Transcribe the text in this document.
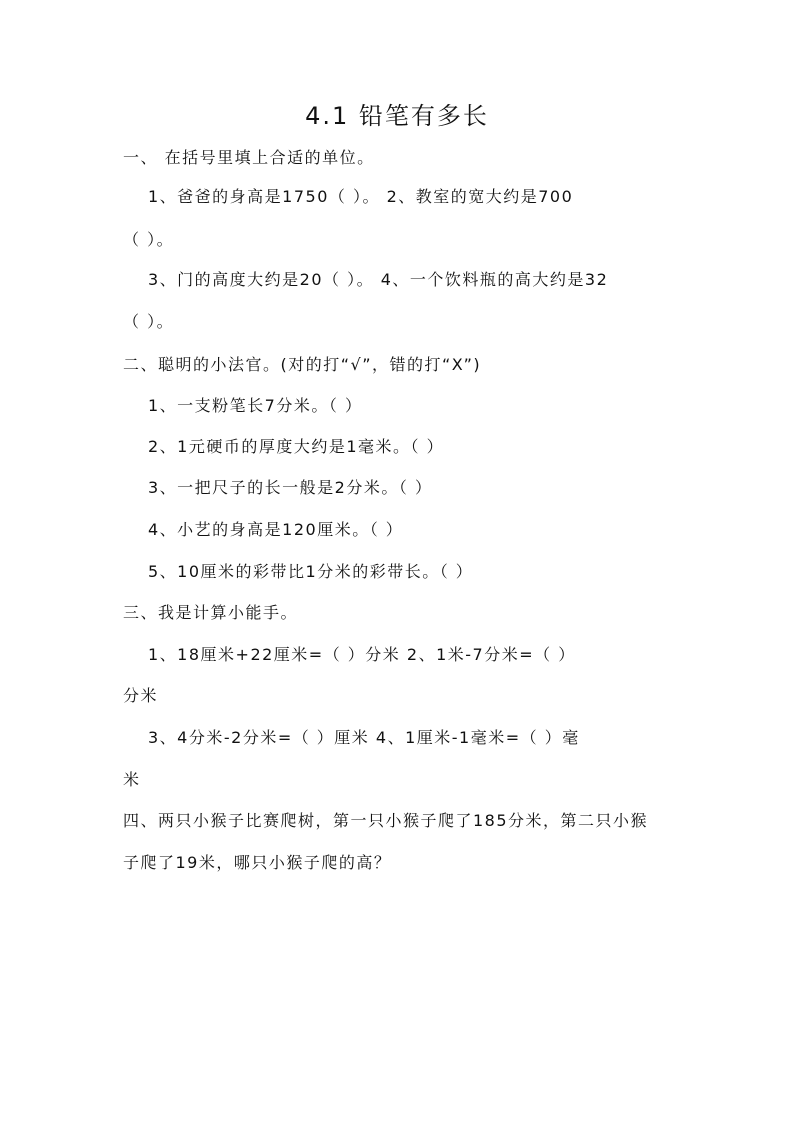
4.1 铅笔有多长
一、 在括号里填上合适的单位。
1、爸爸的身高是1750（ ）。 2、教室的宽大约是700
（ ）。
3、门的高度大约是20（ ）。 4、一个饮料瓶的高大约是32
（ ）。
二、聪明的小法官。(对的打“√”，错的打“X”)
1、一支粉笔长7分米。（ ）
2、1元硬币的厚度大约是1毫米。（ ）
3、一把尺子的长一般是2分米。（ ）
4、小艺的身高是120厘米。（ ）
5、10厘米的彩带比1分米的彩带长。（ ）
三、我是计算小能手。
1、18厘米+22厘米=（ ）分米 2、1米-7分米=（ ）
分米
3、4分米-2分米=（ ）厘米 4、1厘米-1毫米=（ ）毫
米
四、两只小猴子比赛爬树，第一只小猴子爬了185分米，第二只小猴
子爬了19米，哪只小猴子爬的高？
